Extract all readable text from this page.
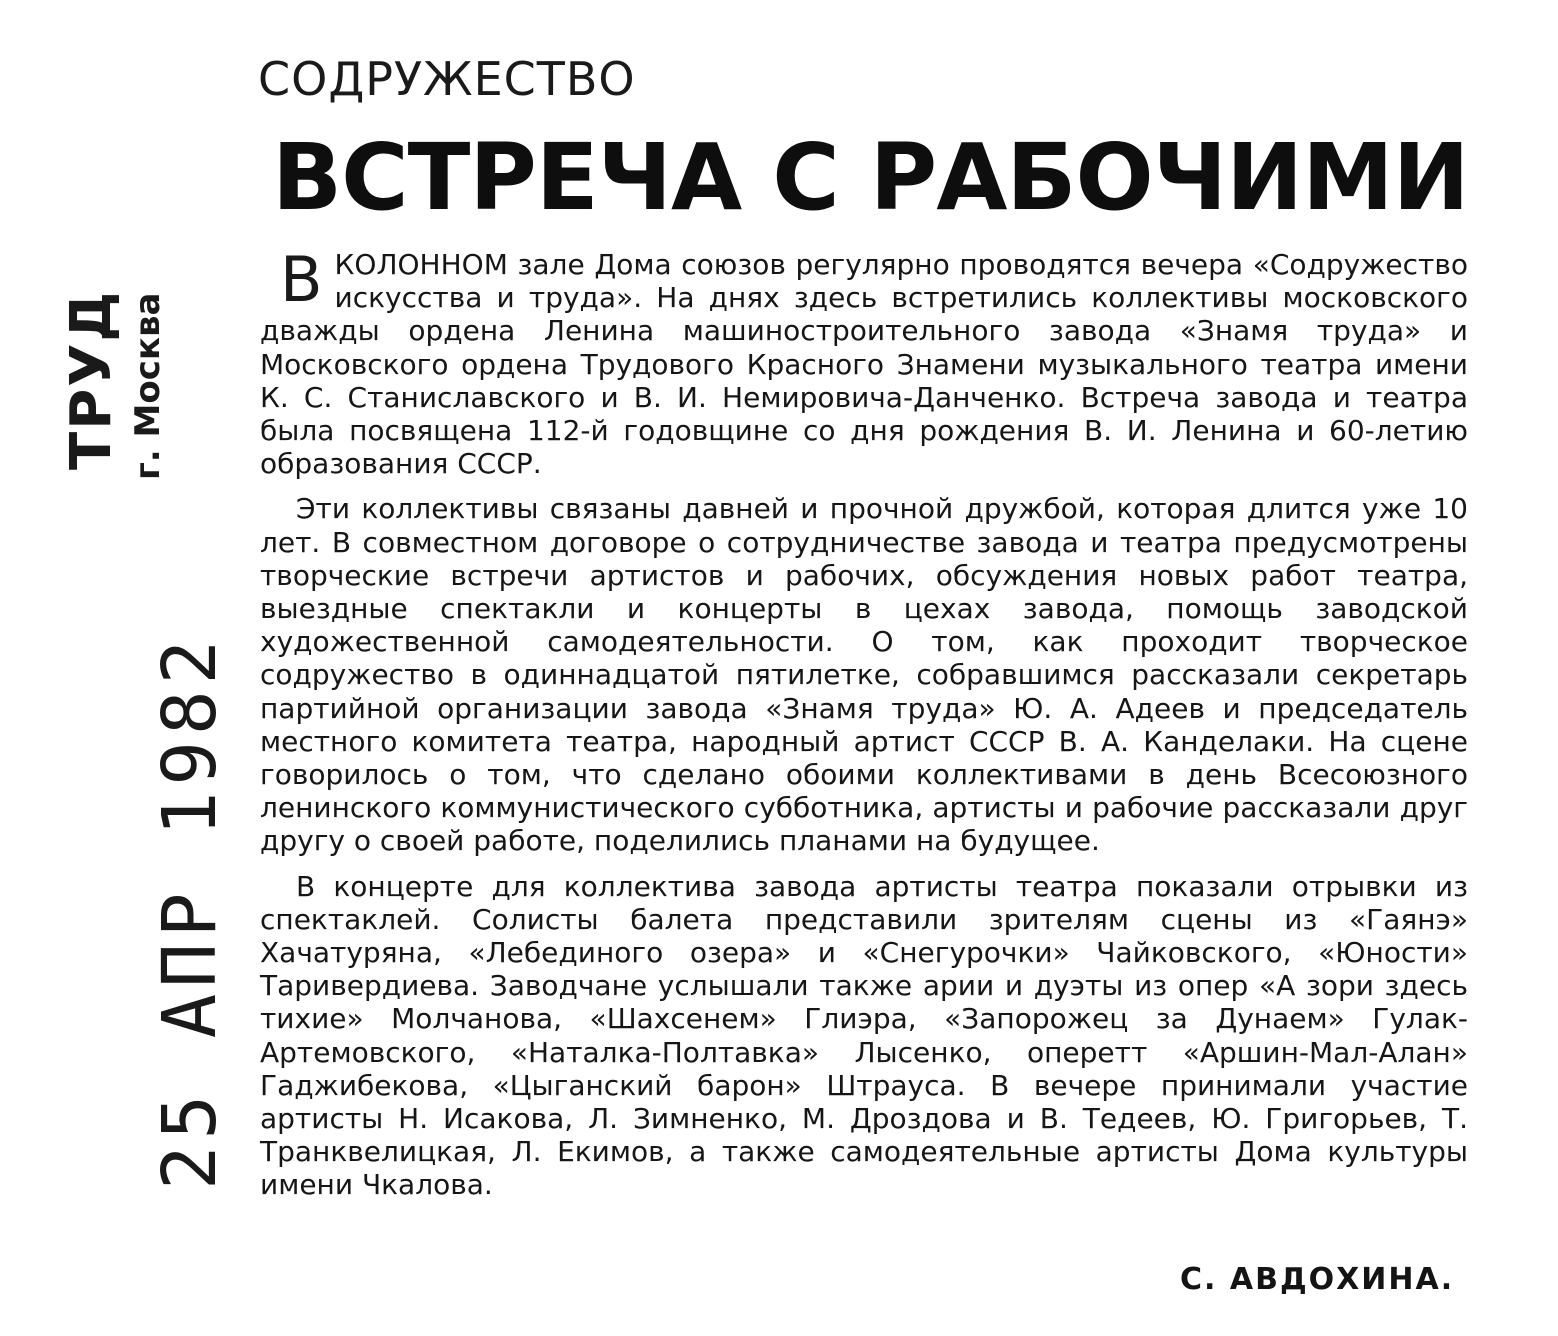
ТРУД г. Москва
25 АПР 1982
СОДРУЖЕСТВО
ВСТРЕЧА С РАБОЧИМИ

В КОЛОННОМ зале Дома союзов регулярно проводятся вечера «Содружество искусства и труда». На днях здесь встретились коллективы московского дважды ордена Ленина машиностроительного завода «Знамя труда» и Московского ордена Трудового Красного Знамени музыкального театра имени К. С. Станиславского и В. И. Немировича-Данченко. Встреча завода и театра была посвящена 112-й годовщине со дня рождения В. И. Ленина и 60-летию образования СССР.

Эти коллективы связаны давней и прочной дружбой, которая длится уже 10 лет. В совместном договоре о сотрудничестве завода и театра предусмотрены творческие встречи артистов и рабочих, обсуждения новых работ театра, выездные спектакли и концерты в цехах завода, помощь заводской художественной самодеятельности. О том, как проходит творческое содружество в одиннадцатой пятилетке, собравшимся рассказали секретарь партийной организации завода «Знамя труда» Ю. А. Адеев и председатель местного комитета театра, народный артист СССР В. А. Канделаки. На сцене говорилось о том, что сделано обоими коллективами в день Всесоюзного ленинского коммунистического субботника, артисты и рабочие рассказали друг другу о своей работе, поделились планами на будущее.

В концерте для коллектива завода артисты театра показали отрывки из спектаклей. Солисты балета представили зрителям сцены из «Гаянэ» Хачатуряна, «Лебединого озера» и «Снегурочки» Чайковского, «Юности» Таривердиева. Заводчане услышали также арии и дуэты из опер «А зори здесь тихие» Молчанова, «Шахсенем» Глиэра, «Запорожец за Дунаем» Гулак-Артемовского, «Наталка-Полтавка» Лысенко, оперетт «Аршин-Мал-Алан» Гаджибекова, «Цыганский барон» Штрауса. В вечере принимали участие артисты Н. Исакова, Л. Зимненко, М. Дроздова и В. Тедеев, Ю. Григорьев, Т. Транквелицкая, Л. Екимов, а также самодеятельные артисты Дома культуры имени Чкалова.

С. АВДОХИНА.
